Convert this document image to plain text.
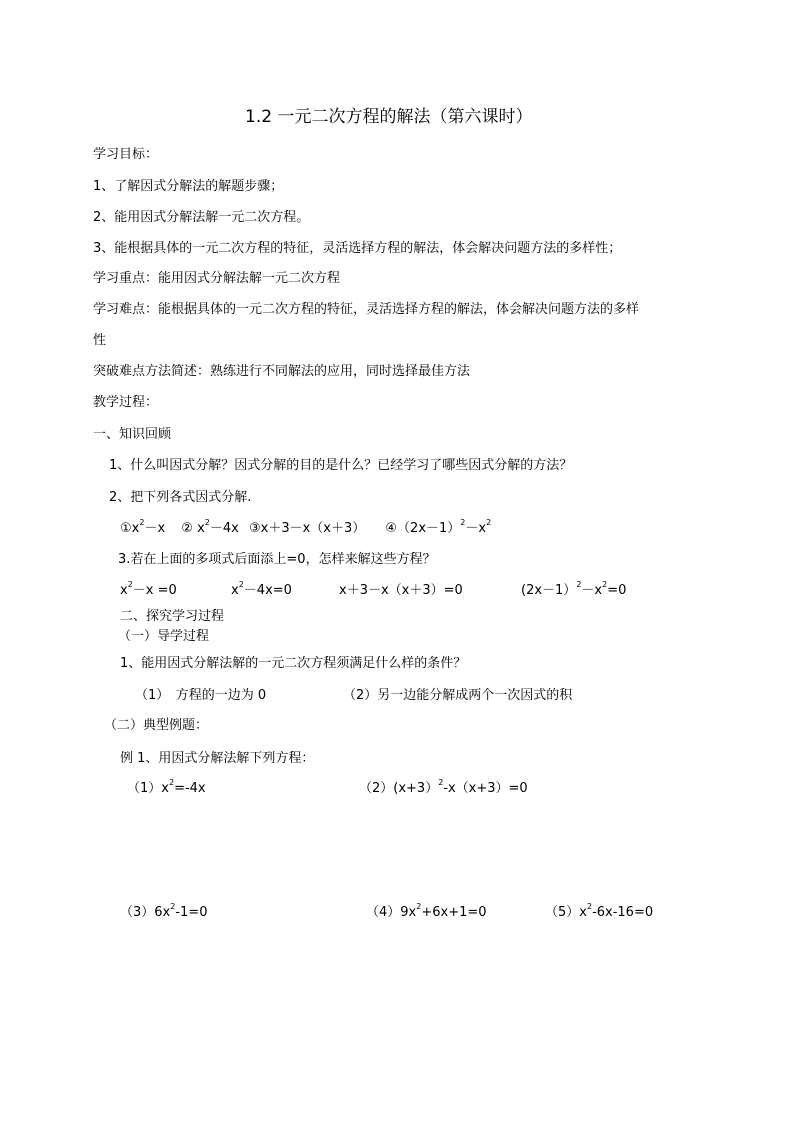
1.2 一元二次方程的解法（第六课时）
学习目标：
1、了解因式分解法的解题步骤；
2、能用因式分解法解一元二次方程。
3、能根据具体的一元二次方程的特征，灵活选择方程的解法，体会解决问题方法的多样性；
学习重点：能用因式分解法解一元二次方程
学习难点：能根据具体的一元二次方程的特征，灵活选择方程的解法，体会解决问题方法的多样
性
突破难点方法简述：熟练进行不同解法的应用，同时选择最佳方法
教学过程：
一、知识回顾
1、什么叫因式分解？因式分解的目的是什么？已经学习了哪些因式分解的方法？
2、把下列各式因式分解.
$①x^2-x$ ② $x^2-4x$ ③x＋3－x（x＋3） $④(2x-1)^2-x^2$
3.若在上面的多项式后面添上=0，怎样来解这些方程？
$x^2-x =0$	$x^2-4x=0$	x＋3－x（x＋3）=0	$(2x-1)^2-x^2=0$
二、探究学习过程
（一）导学过程
1、能用因式分解法解的一元二次方程须满足什么样的条件？
（1）　方程的一边为 0	（2）另一边能分解成两个一次因式的积
（二）典型例题：
例 1、用因式分解法解下列方程：
$(1)x^2=-4x$	（2）(x+3）$^2$-x（x+3）=0
$(3)6x^2-1=0$	$(4)9x^2+6x+1=0$	$(5)x^2-6x-16=0$
